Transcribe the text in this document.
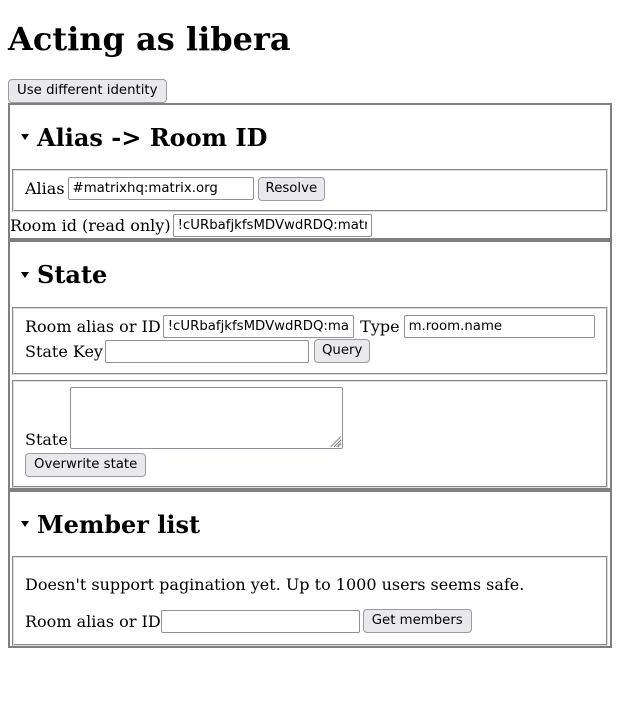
Acting as libera
Use different identity
Alias -> Room ID
Alias
#matrixhq:matrix.org	Resolve
Room id (read only)
!cURbafjkfsMDVwdRDQ:matrix.
State
Room alias or ID
!cURbafjkfsMDVwdRDQ:matrix.	Type
m.room.name
State Key	Query
State
Overwrite state
Member list

Doesn't support pagination yet. Up to 1000 users seems safe.

Room alias or ID	Get members
